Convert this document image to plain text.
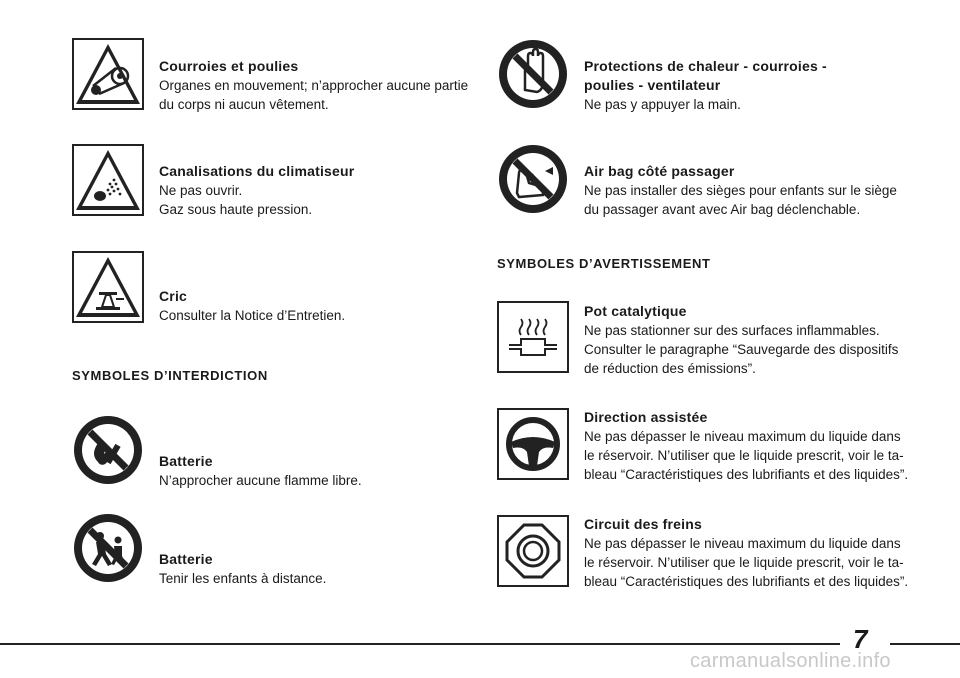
Courroies et poulies
Organes en mouvement; n’approcher aucune partie
du corps ni aucun vêtement.
Canalisations du climatiseur
Ne pas ouvrir.
Gaz sous haute pression.
Cric
Consulter la Notice d’Entretien.
SYMBOLES D’INTERDICTION
Batterie
N’approcher aucune flamme libre.
Batterie
Tenir les enfants à distance.
Protections de chaleur - courroies -
poulies - ventilateur
Ne pas y appuyer la main.
Air bag côté passager
Ne pas installer des sièges pour enfants sur le siège
du passager avant avec Air bag déclenchable.
SYMBOLES D’AVERTISSEMENT
Pot catalytique
Ne pas stationner sur des surfaces inflammables.
Consulter le paragraphe “Sauvegarde des dispositifs
de réduction des émissions”.
Direction assistée
Ne pas dépasser le niveau maximum du liquide dans
le réservoir. N’utiliser que le liquide prescrit, voir le ta-
bleau “Caractéristiques des lubrifiants et des liquides”.
Circuit des freins
Ne pas dépasser le niveau maximum du liquide dans
le réservoir. N’utiliser que le liquide prescrit, voir le ta-
bleau “Caractéristiques des lubrifiants et des liquides”.
7
carmanualsonline.info
